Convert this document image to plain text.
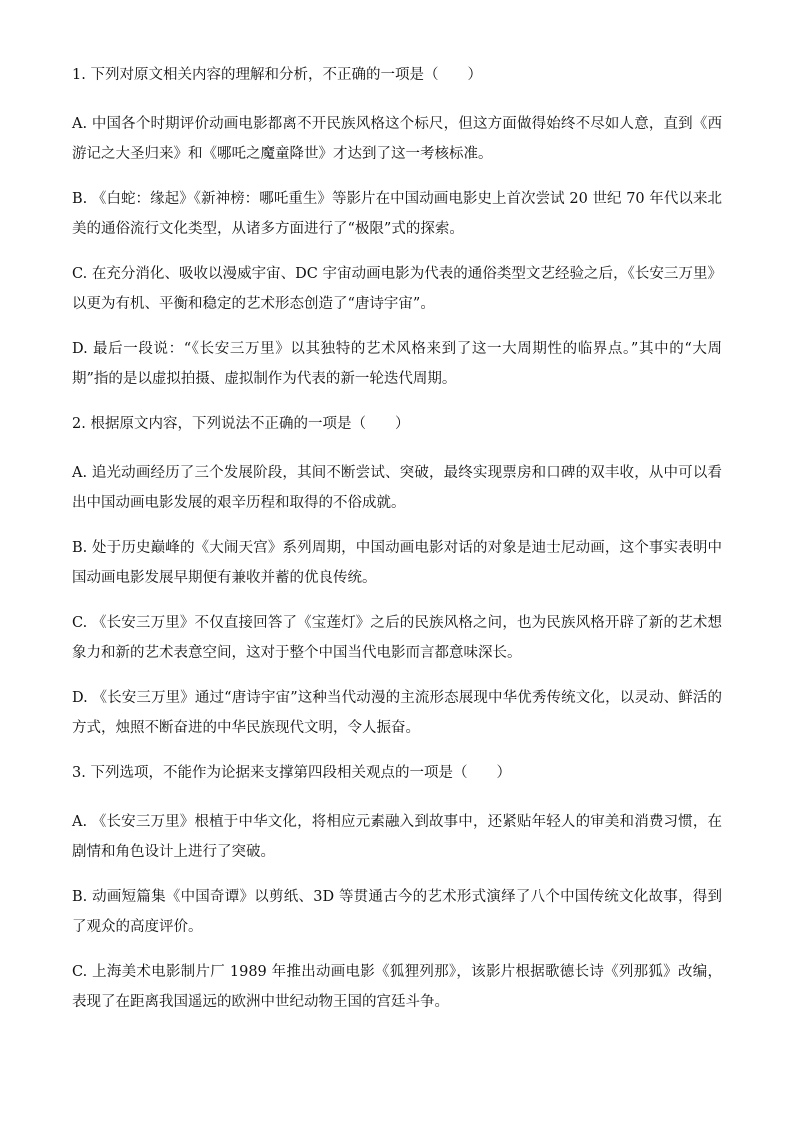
1. 下列对原文相关内容的理解和分析，不正确的一项是（　　）

A. 中国各个时期评价动画电影都离不开民族风格这个标尺，但这方面做得始终不尽如人意，直到《西游记之大圣归来》和《哪吒之魔童降世》才达到了这一考核标准。

B. 《白蛇：缘起》《新神榜：哪吒重生》等影片在中国动画电影史上首次尝试 20 世纪 70 年代以来北美的通俗流行文化类型，从诸多方面进行了“极限”式的探索。

C. 在充分消化、吸收以漫威宇宙、DC 宇宙动画电影为代表的通俗类型文艺经验之后，《长安三万里》以更为有机、平衡和稳定的艺术形态创造了“唐诗宇宙”。

D. 最后一段说：“《长安三万里》以其独特的艺术风格来到了这一大周期性的临界点。”其中的“大周期”指的是以虚拟拍摄、虚拟制作为代表的新一轮迭代周期。

2. 根据原文内容，下列说法不正确的一项是（　　）

A. 追光动画经历了三个发展阶段，其间不断尝试、突破，最终实现票房和口碑的双丰收，从中可以看出中国动画电影发展的艰辛历程和取得的不俗成就。

B. 处于历史巅峰的《大闹天宫》系列周期，中国动画电影对话的对象是迪士尼动画，这个事实表明中国动画电影发展早期便有兼收并蓄的优良传统。

C. 《长安三万里》不仅直接回答了《宝莲灯》之后的民族风格之问，也为民族风格开辟了新的艺术想象力和新的艺术表意空间，这对于整个中国当代电影而言都意味深长。

D. 《长安三万里》通过“唐诗宇宙”这种当代动漫的主流形态展现中华优秀传统文化，以灵动、鲜活的方式，烛照不断奋进的中华民族现代文明，令人振奋。

3. 下列选项，不能作为论据来支撑第四段相关观点的一项是（　　）

A. 《长安三万里》根植于中华文化，将相应元素融入到故事中，还紧贴年轻人的审美和消费习惯，在剧情和角色设计上进行了突破。

B. 动画短篇集《中国奇谭》以剪纸、3D 等贯通古今的艺术形式演绎了八个中国传统文化故事，得到了观众的高度评价。

C. 上海美术电影制片厂 1989 年推出动画电影《狐狸列那》，该影片根据歌德长诗《列那狐》改编，表现了在距离我国遥远的欧洲中世纪动物王国的宫廷斗争。
